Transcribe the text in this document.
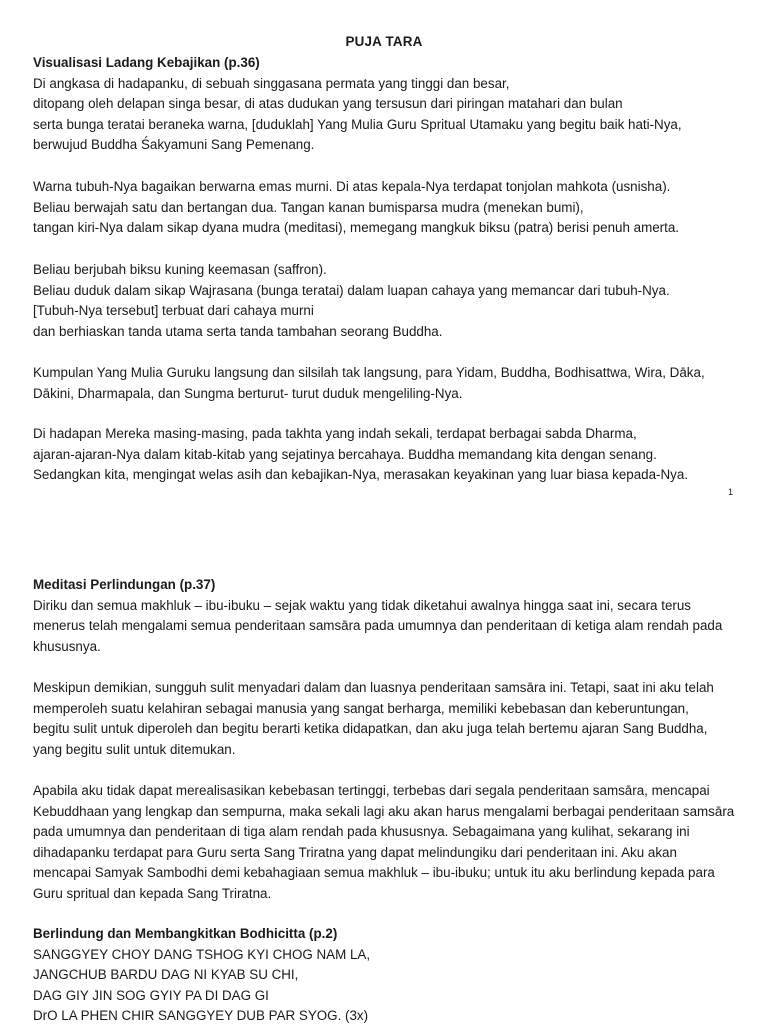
PUJA TARA

Visualisasi Ladang Kebajikan (p.36)

Di angkasa di hadapanku, di sebuah singgasana permata yang tinggi dan besar,

ditopang oleh delapan singa besar, di atas dudukan yang tersusun dari piringan matahari dan bulan

serta bunga teratai beraneka warna, [duduklah] Yang Mulia Guru Spritual Utamaku yang begitu baik hati-Nya,

berwujud Buddha Śakyamuni Sang Pemenang.

Warna tubuh-Nya bagaikan berwarna emas murni. Di atas kepala-Nya terdapat tonjolan mahkota (usnisha).

Beliau berwajah satu dan bertangan dua. Tangan kanan bumisparsa mudra (menekan bumi),

tangan kiri-Nya dalam sikap dyana mudra (meditasi), memegang mangkuk biksu (patra) berisi penuh amerta.

Beliau berjubah biksu kuning keemasan (saffron).

Beliau duduk dalam sikap Wajrasana (bunga teratai) dalam luapan cahaya yang memancar dari tubuh-Nya.

[Tubuh-Nya tersebut] terbuat dari cahaya murni

dan berhiaskan tanda utama serta tanda tambahan seorang Buddha.

Kumpulan Yang Mulia Guruku langsung dan silsilah tak langsung, para Yidam, Buddha, Bodhisattwa, Wira, Dāka,

Dākini, Dharmapala, dan Sungma berturut- turut duduk mengeliling-Nya.

Di hadapan Mereka masing-masing, pada takhta yang indah sekali, terdapat berbagai sabda Dharma,

ajaran-ajaran-Nya dalam kitab-kitab yang sejatinya bercahaya. Buddha memandang kita dengan senang.

Sedangkan kita, mengingat welas asih dan kebajikan-Nya, merasakan keyakinan yang luar biasa kepada-Nya.

1

Meditasi Perlindungan (p.37)

Diriku dan semua makhluk – ibu-ibuku – sejak waktu yang tidak diketahui awalnya hingga saat ini, secara terus

menerus telah mengalami semua penderitaan samsāra pada umumnya dan penderitaan di ketiga alam rendah pada

khususnya.

Meskipun demikian, sungguh sulit menyadari dalam dan luasnya penderitaan samsāra ini. Tetapi, saat ini aku telah

memperoleh suatu kelahiran sebagai manusia yang sangat berharga, memiliki kebebasan dan keberuntungan,

begitu sulit untuk diperoleh dan begitu berarti ketika didapatkan, dan aku juga telah bertemu ajaran Sang Buddha,

yang begitu sulit untuk ditemukan.

Apabila aku tidak dapat merealisasikan kebebasan tertinggi, terbebas dari segala penderitaan samsāra, mencapai

Kebuddhaan yang lengkap dan sempurna, maka sekali lagi aku akan harus mengalami berbagai penderitaan samsāra

pada umumnya dan penderitaan di tiga alam rendah pada khususnya. Sebagaimana yang kulihat, sekarang ini

dihadapanku terdapat para Guru serta Sang Triratna yang dapat melindungiku dari penderitaan ini. Aku akan

mencapai Samyak Sambodhi demi kebahagiaan semua makhluk – ibu-ibuku; untuk itu aku berlindung kepada para

Guru spritual dan kepada Sang Triratna.

Berlindung dan Membangkitkan Bodhicitta (p.2)

SANGGYEY CHOY DANG TSHOG KYI CHOG NAM LA,

JANGCHUB BARDU DAG NI KYAB SU CHI,

DAG GIY JIN SOG GYIY PA DI DAG GI

DrO LA PHEN CHIR SANGGYEY DUB PAR SYOG. (3x)
